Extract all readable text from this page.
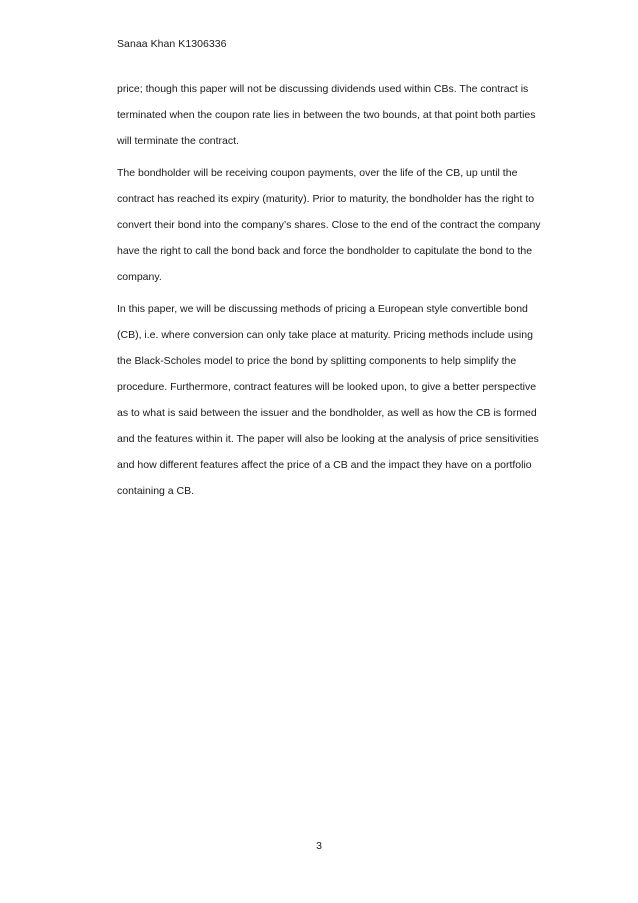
Sanaa Khan K1306336
price; though this paper will not be discussing dividends used within CBs. The contract is
terminated when the coupon rate lies in between the two bounds, at that point both parties
will terminate the contract.
The bondholder will be receiving coupon payments, over the life of the CB, up until the
contract has reached its expiry (maturity). Prior to maturity, the bondholder has the right to
convert their bond into the company’s shares. Close to the end of the contract the company
have the right to call the bond back and force the bondholder to capitulate the bond to the
company.
In this paper, we will be discussing methods of pricing a European style convertible bond
(CB), i.e. where conversion can only take place at maturity. Pricing methods include using
the Black-Scholes model to price the bond by splitting components to help simplify the
procedure. Furthermore, contract features will be looked upon, to give a better perspective
as to what is said between the issuer and the bondholder, as well as how the CB is formed
and the features within it. The paper will also be looking at the analysis of price sensitivities
and how different features affect the price of a CB and the impact they have on a portfolio
containing a CB.
3
